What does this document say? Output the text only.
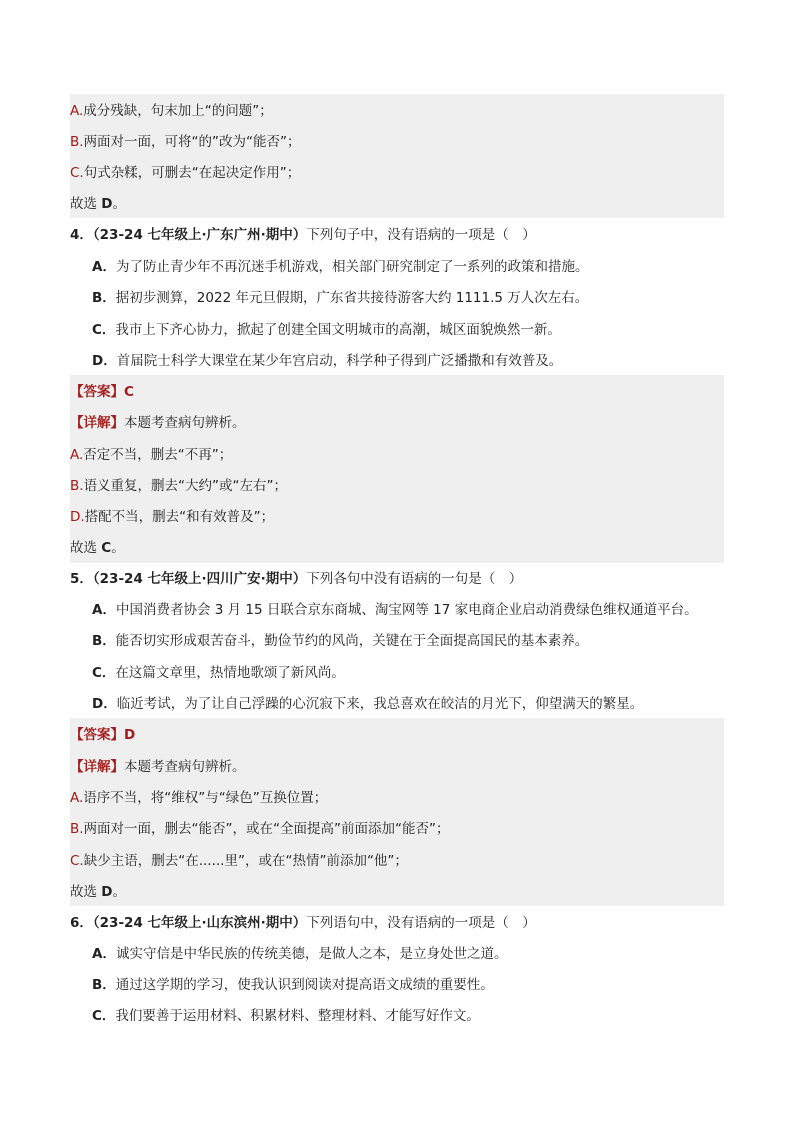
A.成分残缺，句末加上“的问题”；
B.两面对一面，可将“的”改为“能否”；
C.句式杂糅，可删去“在起决定作用”；
故选 D。
4．（23-24 七年级上·广东广州·期中）下列句子中，没有语病的一项是（　）
A．为了防止青少年不再沉迷手机游戏，相关部门研究制定了一系列的政策和措施。
B．据初步测算，2022 年元旦假期，广东省共接待游客大约 1111.5 万人次左右。
C．我市上下齐心协力，掀起了创建全国文明城市的高潮，城区面貌焕然一新。
D．首届院士科学大课堂在某少年宫启动，科学种子得到广泛播撒和有效普及。
【答案】C
【详解】本题考查病句辨析。
A.否定不当，删去“不再”；
B.语义重复，删去“大约”或“左右”；
D.搭配不当，删去“和有效普及”；
故选 C。
5．（23-24 七年级上·四川广安·期中）下列各句中没有语病的一句是（　）
A．中国消费者协会 3 月 15 日联合京东商城、淘宝网等 17 家电商企业启动消费绿色维权通道平台。
B．能否切实形成艰苦奋斗，勤俭节约的风尚，关键在于全面提高国民的基本素养。
C．在这篇文章里，热情地歌颂了新风尚。
D．临近考试，为了让自己浮躁的心沉寂下来，我总喜欢在皎洁的月光下，仰望满天的繁星。
【答案】D
【详解】本题考查病句辨析。
A.语序不当，将“维权”与“绿色”互换位置；
B.两面对一面，删去“能否”，或在“全面提高”前面添加“能否”；
C.缺少主语，删去“在......里”，或在“热情”前添加“他”；
故选 D。
6．（23-24 七年级上·山东滨州·期中）下列语句中，没有语病的一项是（　）
A．诚实守信是中华民族的传统美德，是做人之本，是立身处世之道。
B．通过这学期的学习，使我认识到阅读对提高语文成绩的重要性。
C．我们要善于运用材料、积累材料、整理材料、才能写好作文。
